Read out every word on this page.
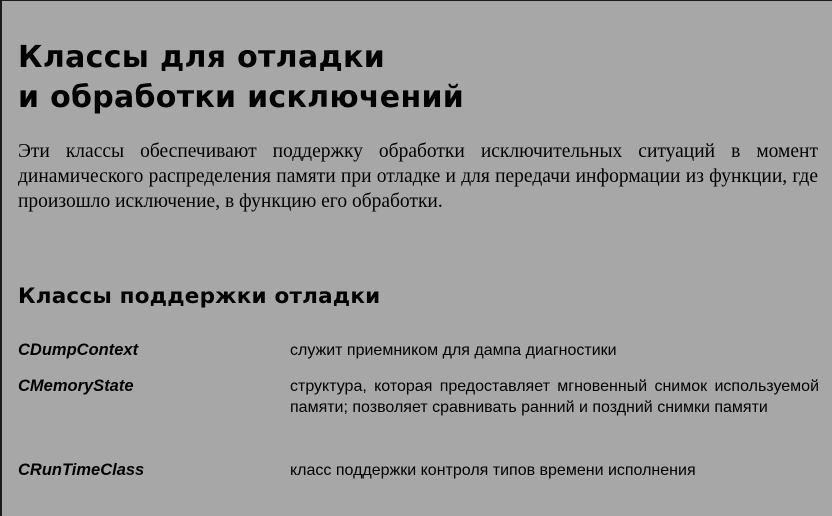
Классы для отладки
и обработки исключений

Эти классы обеспечивают поддержку обработки исключительных ситуаций в момент динамического распределения памяти при отладке и для передачи информации из функции, где произошло исключение, в функцию его обработки.

Классы поддержки отладки
CDumpContext	служит приемником для дампа диагностики
CMemoryState	структура, которая предоставляет мгновенный снимок используемой памяти; позволяет сравнивать ранний и поздний снимки памяти
CRunTimeClass	класс поддержки контроля типов времени исполнения
